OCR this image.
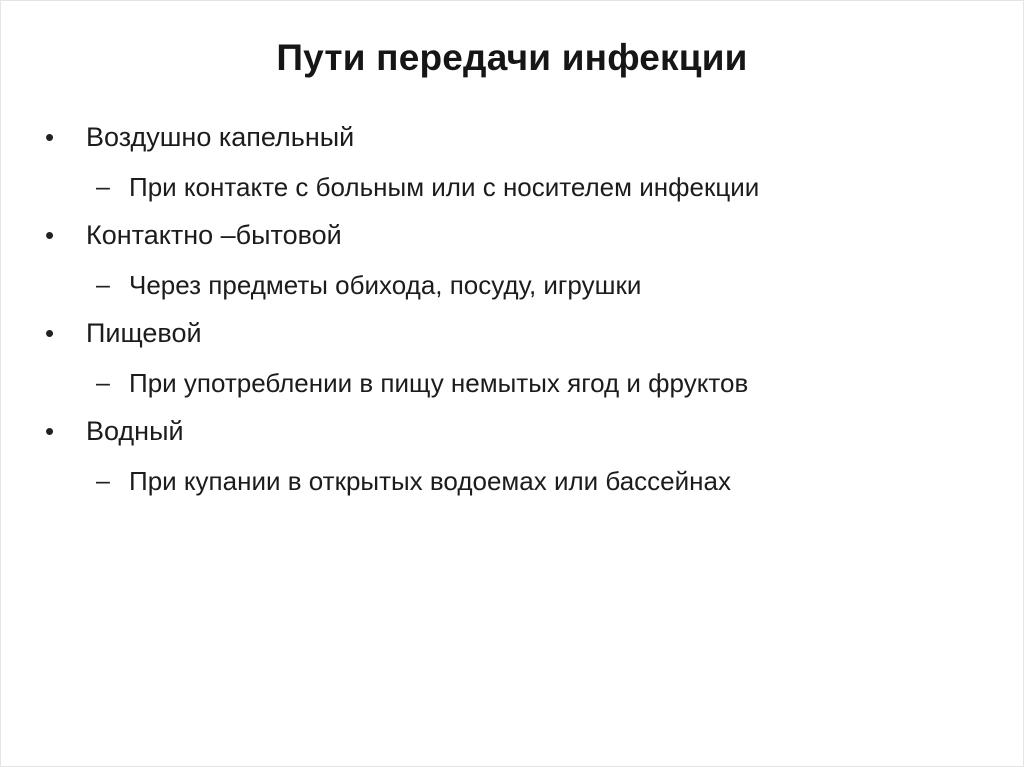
Пути передачи инфекции
• Воздушно капельный
– При контакте с больным или с носителем инфекции
• Контактно –бытовой
– Через предметы обихода, посуду, игрушки
• Пищевой
– При употреблении в пищу немытых ягод и фруктов
• Водный
– При купании в открытых водоемах или бассейнах
